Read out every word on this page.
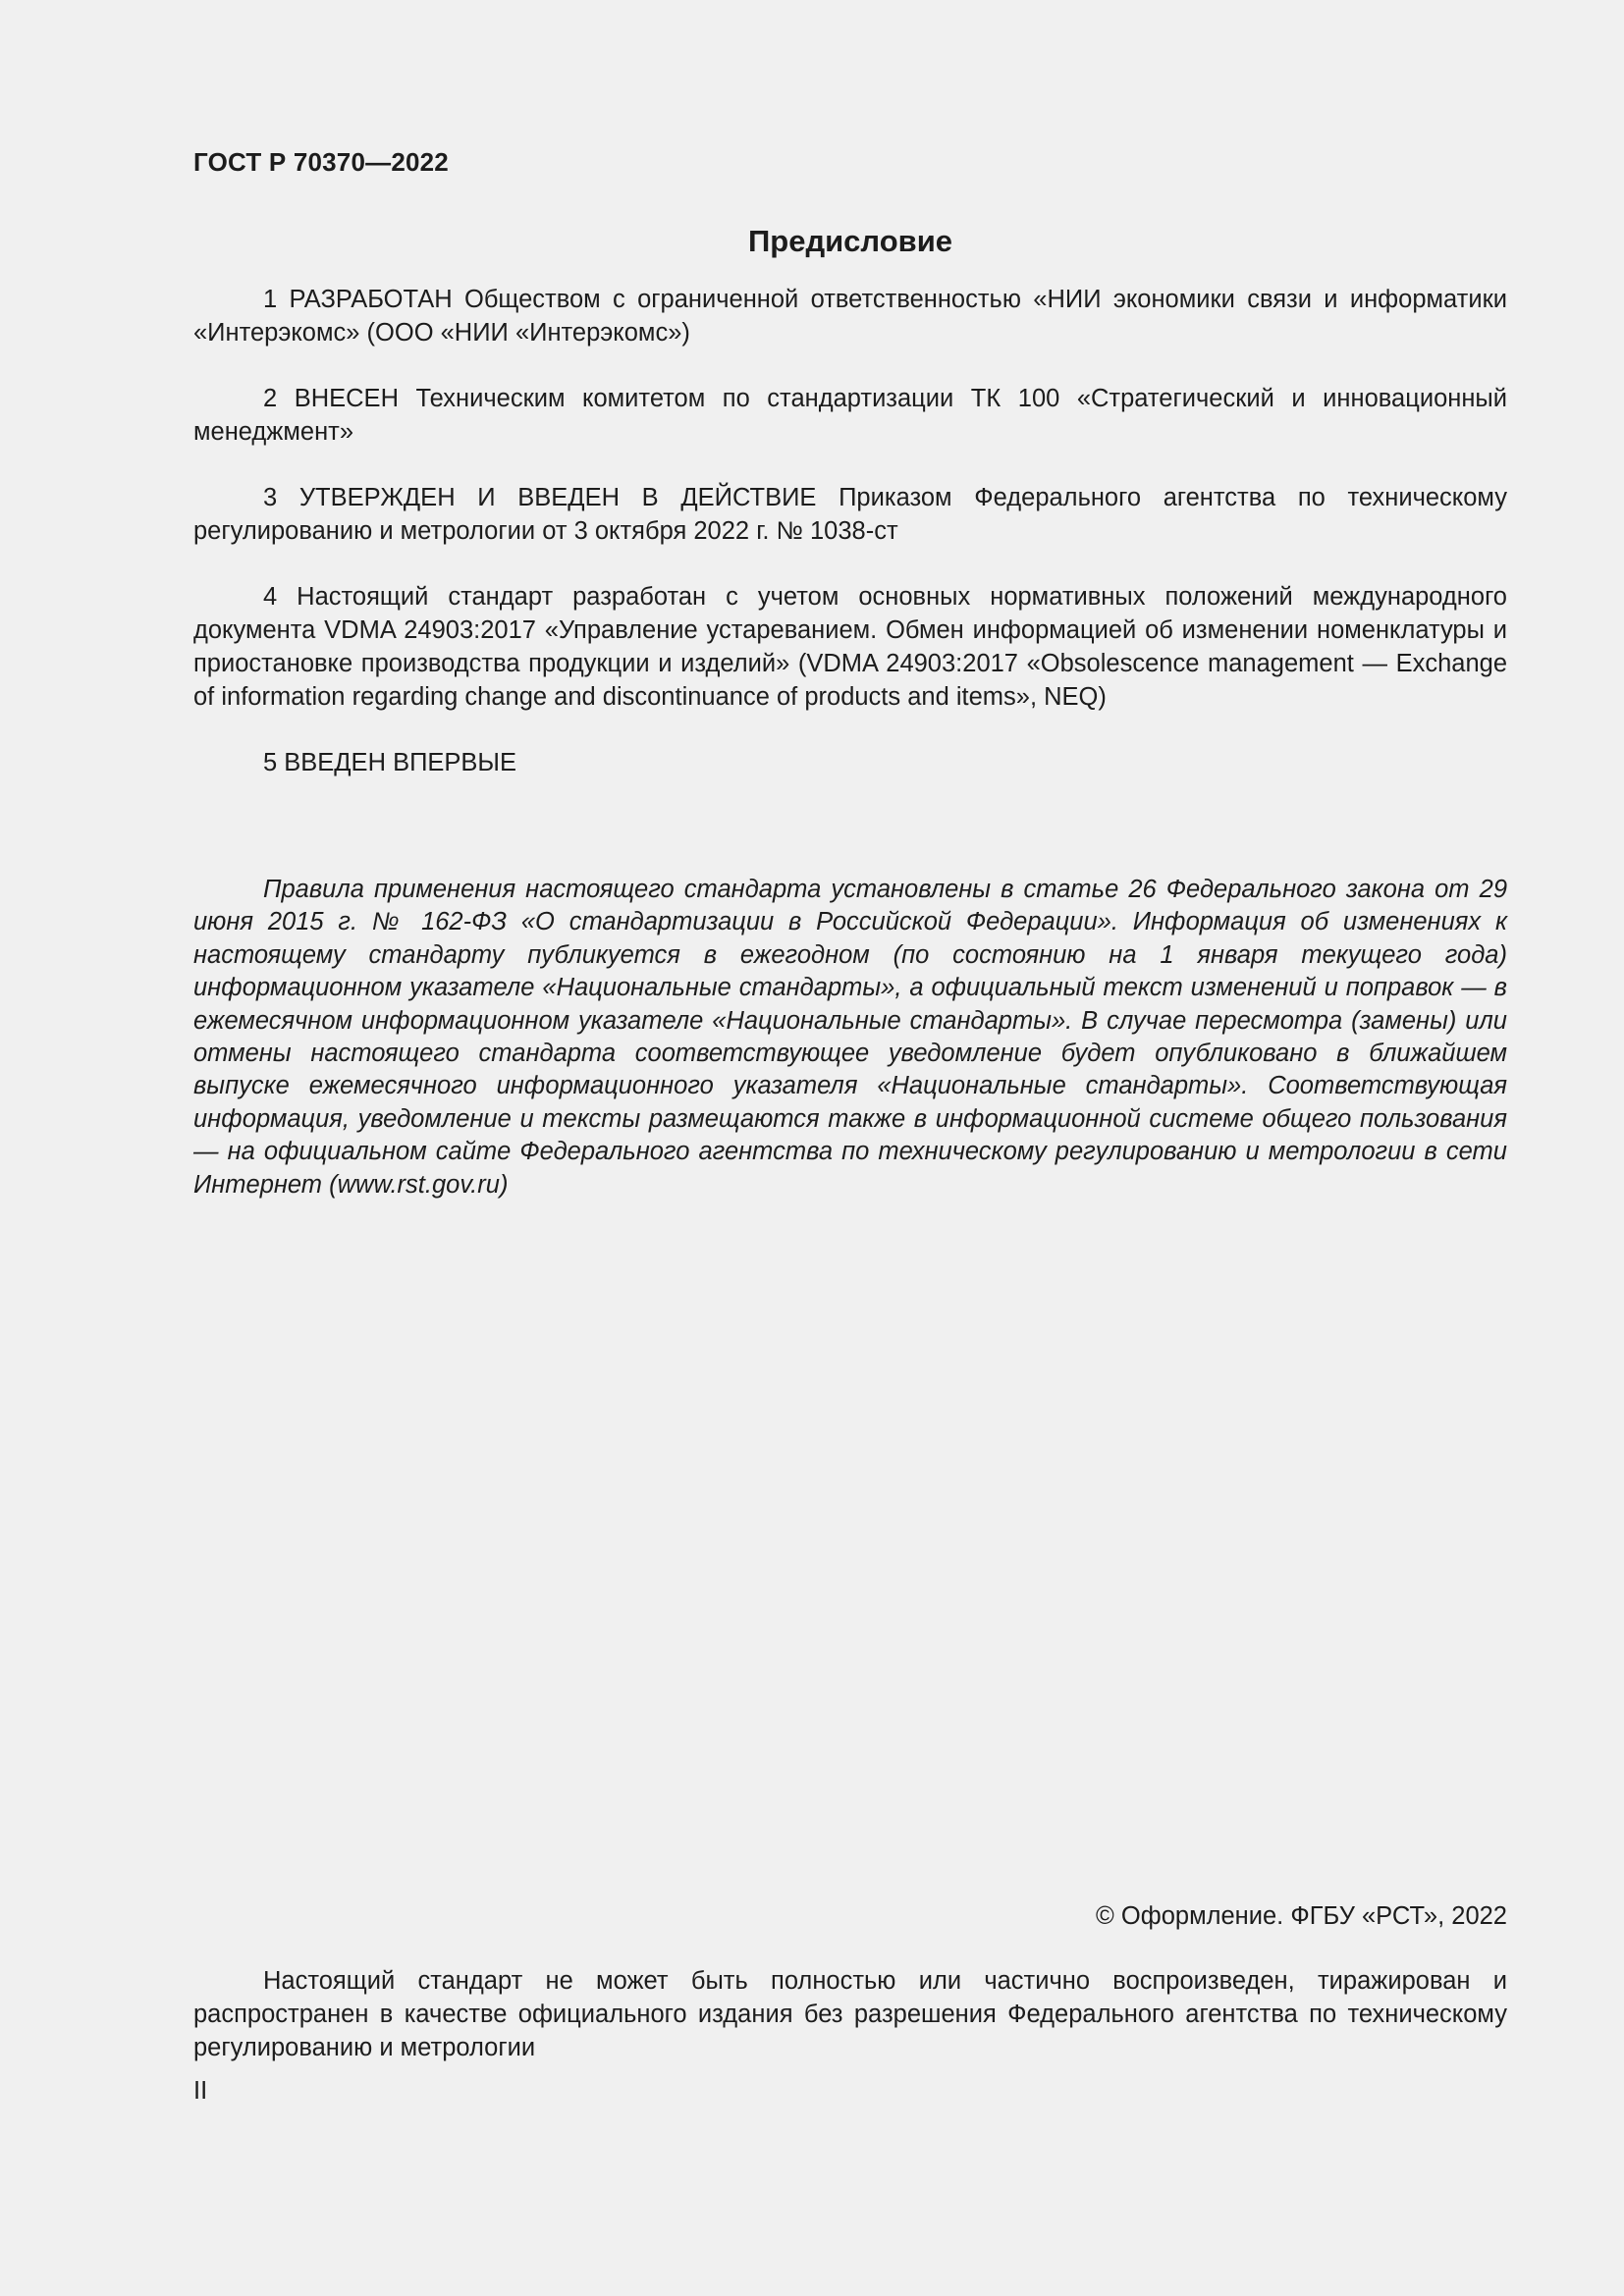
ГОСТ Р 70370—2022
Предисловие

1 РАЗРАБОТАН Обществом с ограниченной ответственностью «НИИ экономики связи и информатики «Интерэкомс» (ООО «НИИ «Интерэкомс»)

2 ВНЕСЕН Техническим комитетом по стандартизации ТК 100 «Стратегический и инновационный менеджмент»

3 УТВЕРЖДЕН И ВВЕДЕН В ДЕЙСТВИЕ Приказом Федерального агентства по техническому регулированию и метрологии от 3 октября 2022 г. № 1038-ст

4 Настоящий стандарт разработан с учетом основных нормативных положений международного документа VDMA 24903:2017 «Управление устареванием. Обмен информацией об изменении номенклатуры и приостановке производства продукции и изделий» (VDMA 24903:2017 «Obsolescence management — Exchange of information regarding change and discontinuance of products and items», NEQ)

5 ВВЕДЕН ВПЕРВЫЕ

Правила применения настоящего стандарта установлены в статье 26 Федерального закона от 29 июня 2015 г. № 162-ФЗ «О стандартизации в Российской Федерации». Информация об изменениях к настоящему стандарту публикуется в ежегодном (по состоянию на 1 января текущего года) информационном указателе «Национальные стандарты», а официальный текст изменений и поправок — в ежемесячном информационном указателе «Национальные стандарты». В случае пересмотра (замены) или отмены настоящего стандарта соответствующее уведомление будет опубликовано в ближайшем выпуске ежемесячного информационного указателя «Национальные стандарты». Соответствующая информация, уведомление и тексты размещаются также в информационной системе общего пользования — на официальном сайте Федерального агентства по техническому регулированию и метрологии в сети Интернет (www.rst.gov.ru)
© Оформление. ФГБУ «РСТ», 2022
Настоящий стандарт не может быть полностью или частично воспроизведен, тиражирован и распространен в качестве официального издания без разрешения Федерального агентства по техническому регулированию и метрологии
II
